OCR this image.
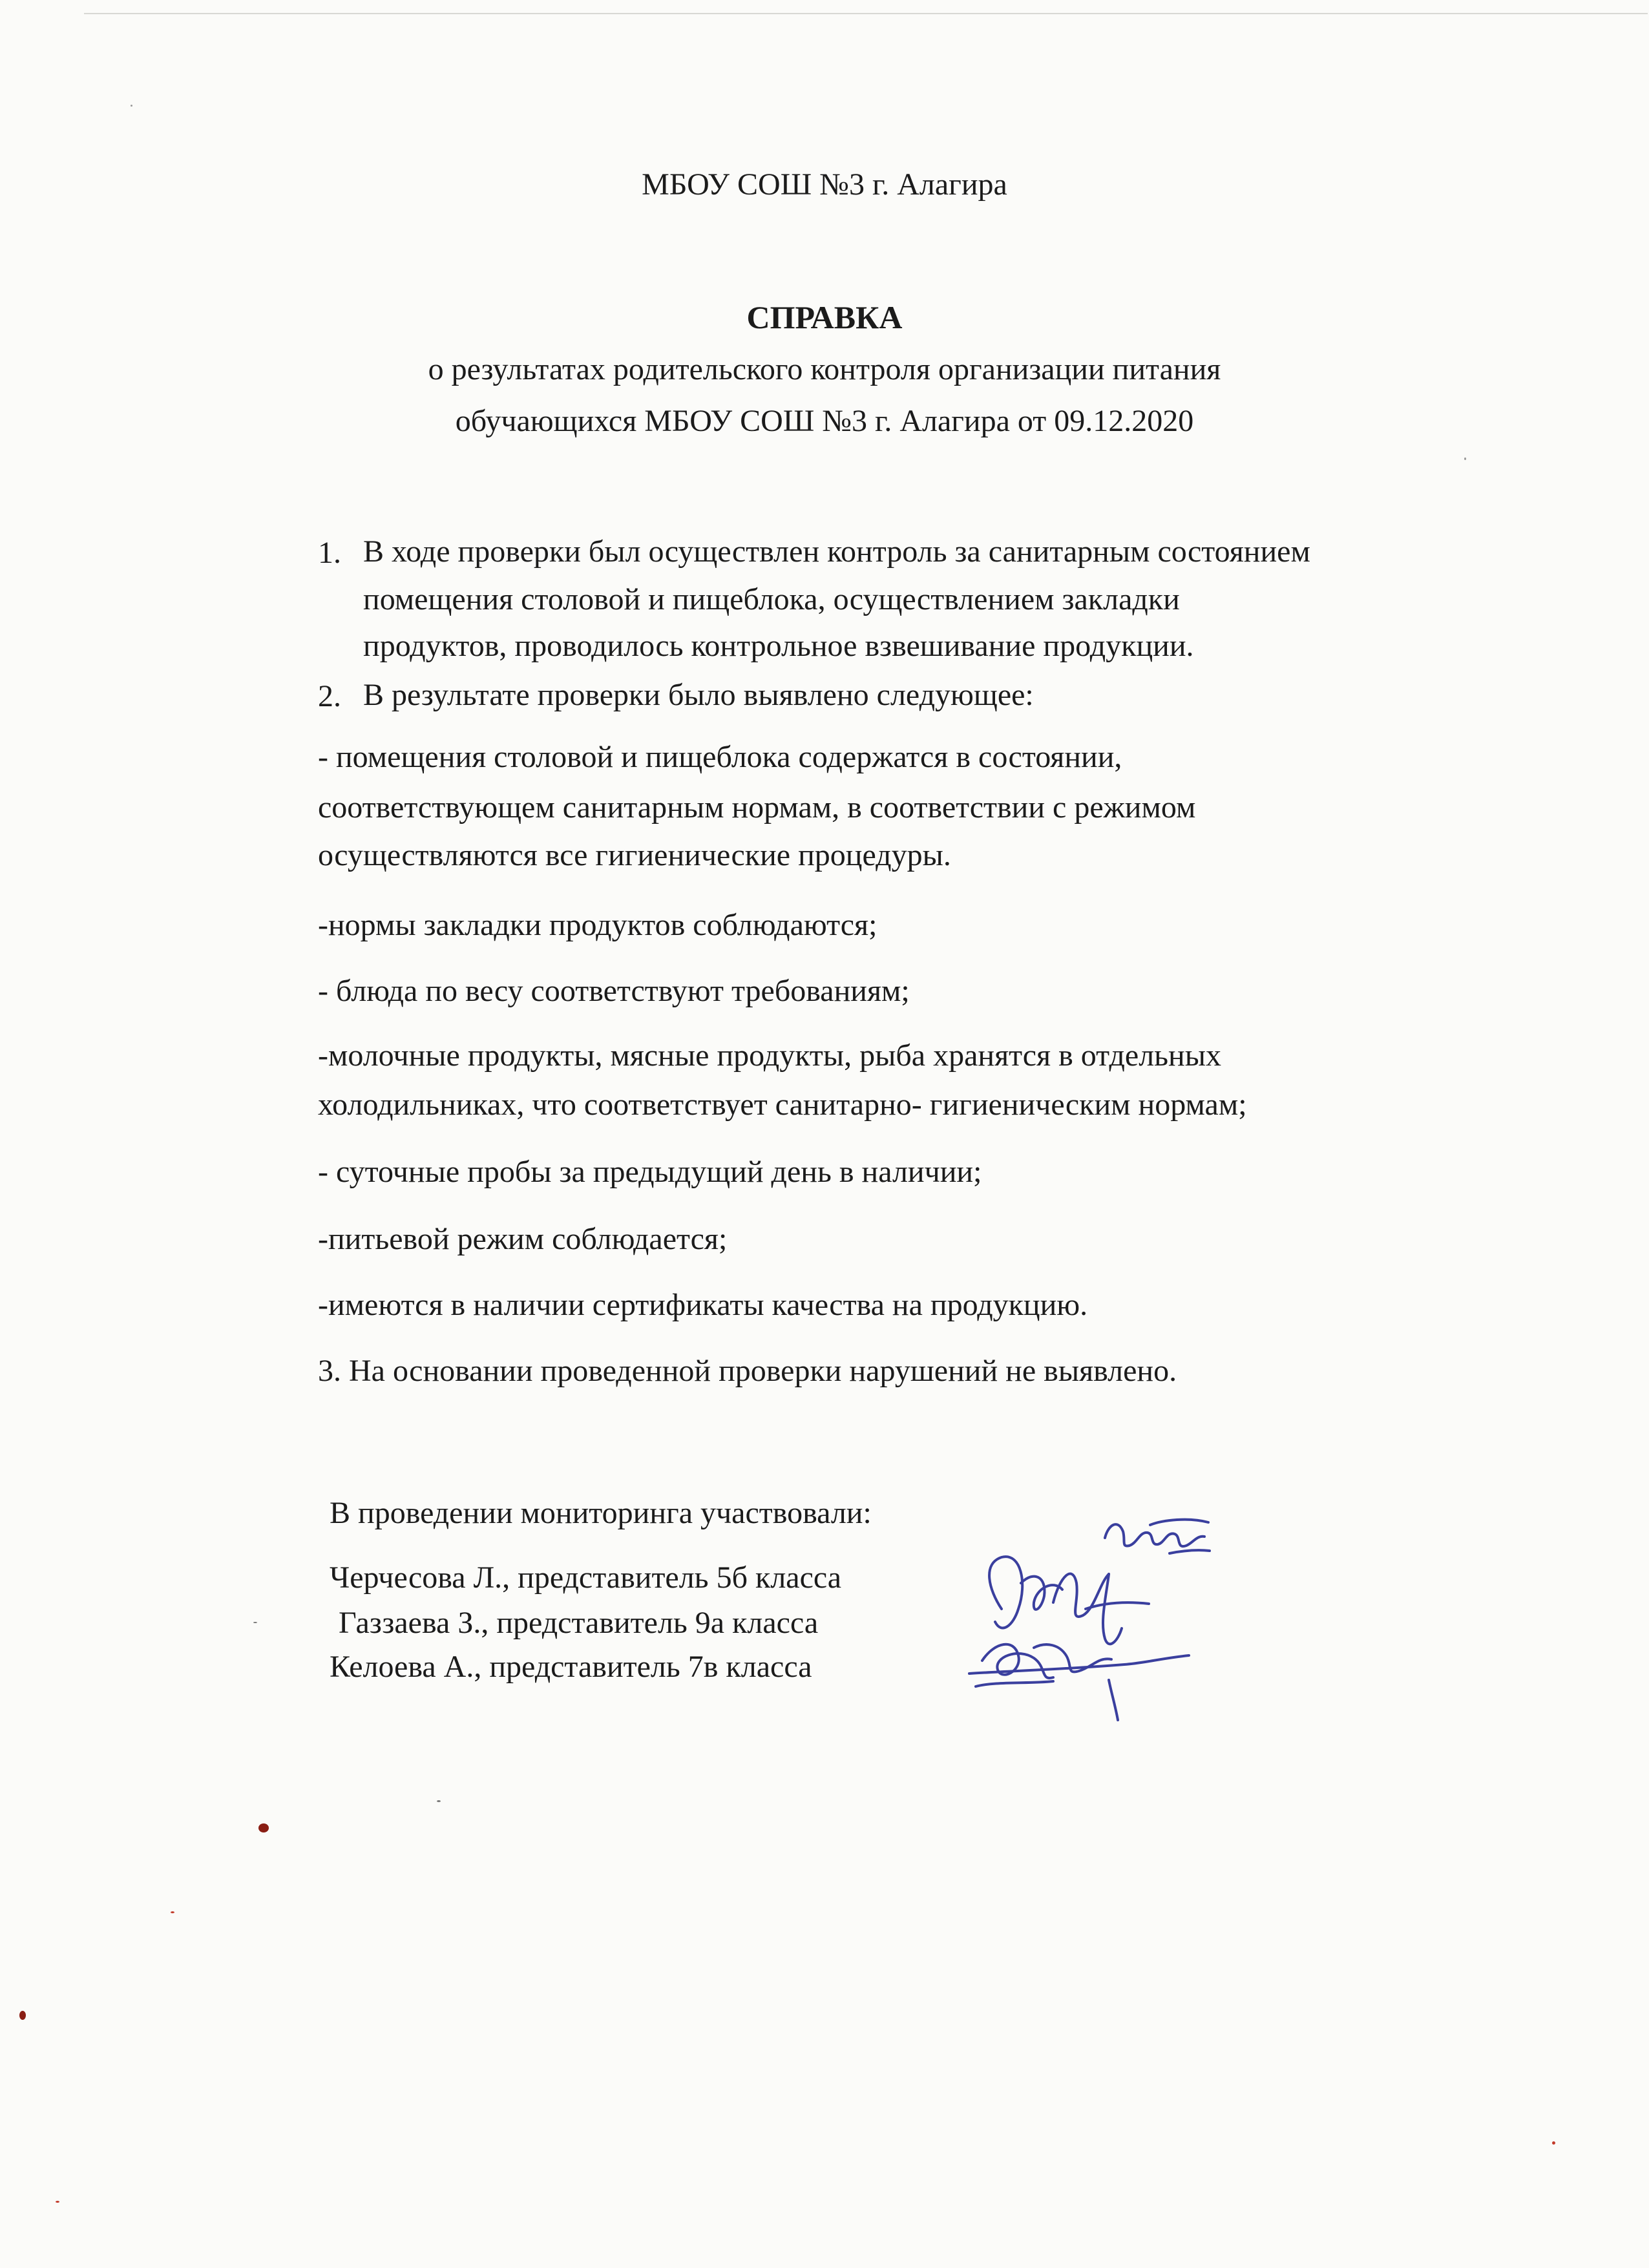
МБОУ СОШ №3 г. Алагира
СПРАВКА
о результатах родительского контроля организации питания
обучающихся МБОУ СОШ №3 г. Алагира от 09.12.2020
1. В ходе проверки был осуществлен контроль за санитарным состоянием
помещения столовой и пищеблока, осуществлением закладки
продуктов, проводилось контрольное взвешивание продукции.
2. В результате проверки было выявлено следующее:
- помещения столовой и пищеблока содержатся в состоянии,
соответствующем санитарным нормам, в соответствии с режимом
осуществляются все гигиенические процедуры.
-нормы закладки продуктов соблюдаются;
- блюда по весу соответствуют требованиям;
-молочные продукты, мясные продукты, рыба хранятся в отдельных
холодильниках, что соответствует санитарно- гигиеническим нормам;
- суточные пробы за предыдущий день в наличии;
-питьевой режим соблюдается;
-имеются в наличии сертификаты качества на продукцию.
3. На основании проведенной проверки нарушений не выявлено.
В проведении мониторинга участвовали:
Черчесова Л., представитель 5б класса
Газзаева З., представитель 9а класса
Келоева А., представитель 7в класса
